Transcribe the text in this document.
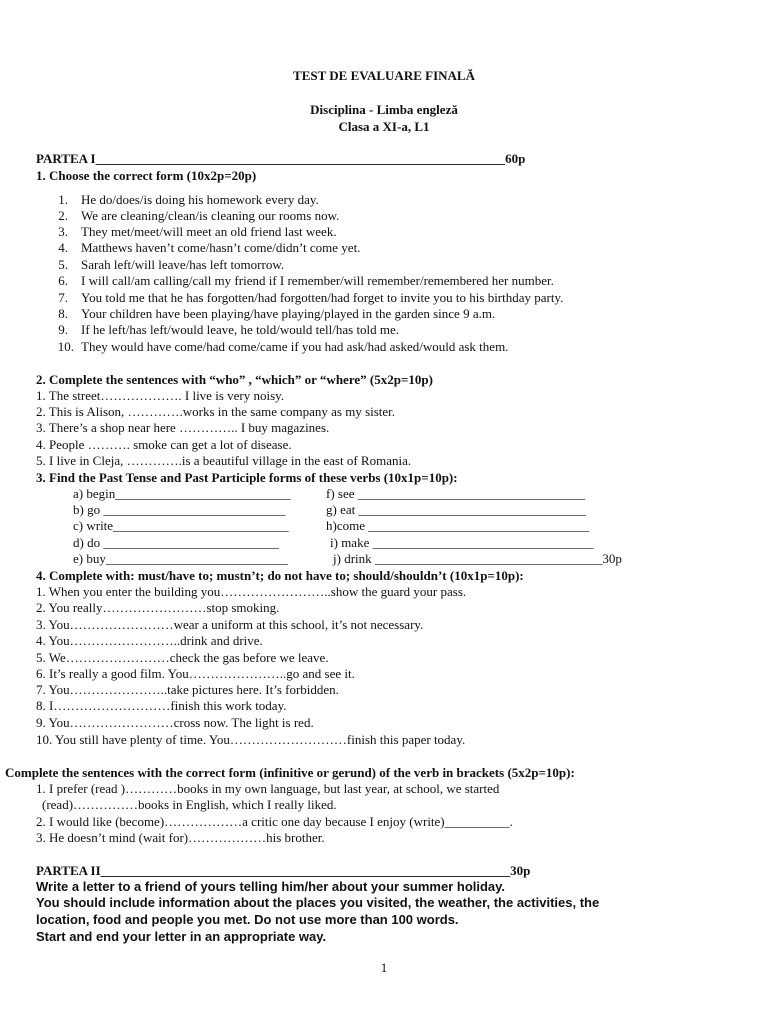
TEST DE EVALUARE FINALĂ
Disciplina - Limba engleză
Clasa a XI-a, L1
PARTEA I_______________________________________________________________60p
1. Choose the correct form (10x2p=20p)
1. He do/does/is doing his homework every day.
2. We are cleaning/clean/is cleaning our rooms now.
3. They met/meet/will meet an old friend last week.
4. Matthews haven’t come/hasn’t come/didn’t come yet.
5. Sarah left/will leave/has left tomorrow.
6. I will call/am calling/call my friend if I remember/will remember/remembered her number.
7. You told me that he has forgotten/had forgotten/had forget to invite you to his birthday party.
8. Your children have been playing/have playing/played in the garden since 9 a.m.
9. If he left/has left/would leave, he told/would tell/has told me.
10. They would have come/had come/came if you had ask/had asked/would ask them.
2. Complete the sentences with “who” , “which” or “where” (5x2p=10p)
1. The street………………. I live is very noisy.
2. This is Alison, ………….works in the same company as my sister.
3. There’s a shop near here ………….. I buy magazines.
4. People ………. smoke can get a lot of disease.
5. I live in Cleja, ………….is a beautiful village in the east of Romania.
3. Find the Past Tense and Past Participle forms of these verbs (10x1p=10p):
a) begin___________________________
b) go ____________________________
c) write___________________________
d) do ___________________________
e) buy____________________________
f) see ___________________________________
g) eat ___________________________________
h)come __________________________________
i) make __________________________________
j) drink ___________________________________30p
4. Complete with: must/have to; mustn’t; do not have to; should/shouldn’t (10x1p=10p):
1. When you enter the building you……………………..show the guard your pass.
2. You really……………………stop smoking.
3. You……………………wear a uniform at this school, it’s not necessary.
4. You……………………..drink and drive.
5. We……………………check the gas before we leave.
6. It’s really a good film. You…………………..go and see it.
7. You…………………..take pictures here. It’s forbidden.
8. I………………………finish this work today.
9. You……………………cross now. The light is red.
10. You still have plenty of time. You………………………finish this paper today.
Complete the sentences with the correct form (infinitive or gerund) of the verb in brackets (5x2p=10p):
1. I prefer (read )…………books in my own language, but last year, at school, we started
(read)……………books in English, which I really liked.
2. I would like (become)………………a critic one day because I enjoy (write)__________.
3. He doesn’t mind (wait for)………………his brother.
PARTEA II_______________________________________________________________30p
Write a letter to a friend of yours telling him/her about your summer holiday.
You should include information about the places you visited, the weather, the activities, the
location, food and people you met. Do not use more than 100 words.
Start and end your letter in an appropriate way.
1
